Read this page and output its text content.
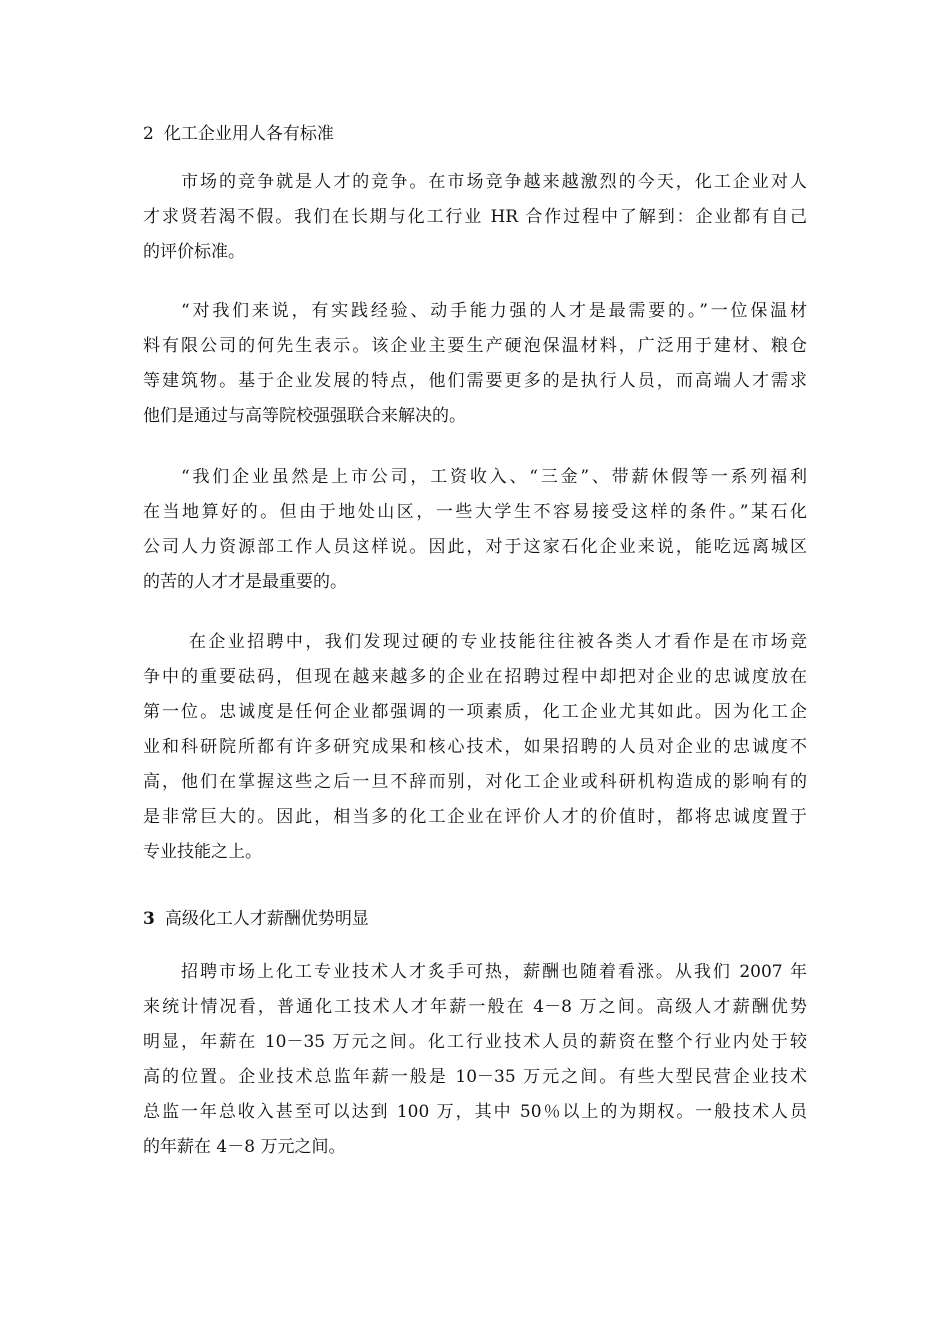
2 化工企业用人各有标准

市场的竞争就是人才的竞争。在市场竞争越来越激烈的今天，化工企业对人
才求贤若渴不假。我们在长期与化工行业 HR 合作过程中了解到：企业都有自己
的评价标准。

“对我们来说，有实践经验、动手能力强的人才是最需要的。”一位保温材
料有限公司的何先生表示。该企业主要生产硬泡保温材料，广泛用于建材、粮仓
等建筑物。基于企业发展的特点，他们需要更多的是执行人员，而高端人才需求
他们是通过与高等院校强强联合来解决的。

“我们企业虽然是上市公司，工资收入、“三金”、带薪休假等一系列福利
在当地算好的。但由于地处山区，一些大学生不容易接受这样的条件。”某石化
公司人力资源部工作人员这样说。因此，对于这家石化企业来说，能吃远离城区
的苦的人才才是最重要的。

在企业招聘中，我们发现过硬的专业技能往往被各类人才看作是在市场竞
争中的重要砝码，但现在越来越多的企业在招聘过程中却把对企业的忠诚度放在
第一位。忠诚度是任何企业都强调的一项素质，化工企业尤其如此。因为化工企
业和科研院所都有许多研究成果和核心技术，如果招聘的人员对企业的忠诚度不
高，他们在掌握这些之后一旦不辞而别，对化工企业或科研机构造成的影响有的
是非常巨大的。因此，相当多的化工企业在评价人才的价值时，都将忠诚度置于
专业技能之上。

3 高级化工人才薪酬优势明显

招聘市场上化工专业技术人才炙手可热，薪酬也随着看涨。从我们 2007 年
来统计情况看，普通化工技术人才年薪一般在 4－8 万之间。高级人才薪酬优势
明显，年薪在 10－35 万元之间。化工行业技术人员的薪资在整个行业内处于较
高的位置。企业技术总监年薪一般是 10－35 万元之间。有些大型民营企业技术
总监一年总收入甚至可以达到 100 万，其中 50％以上的为期权。一般技术人员
的年薪在 4－8 万元之间。
